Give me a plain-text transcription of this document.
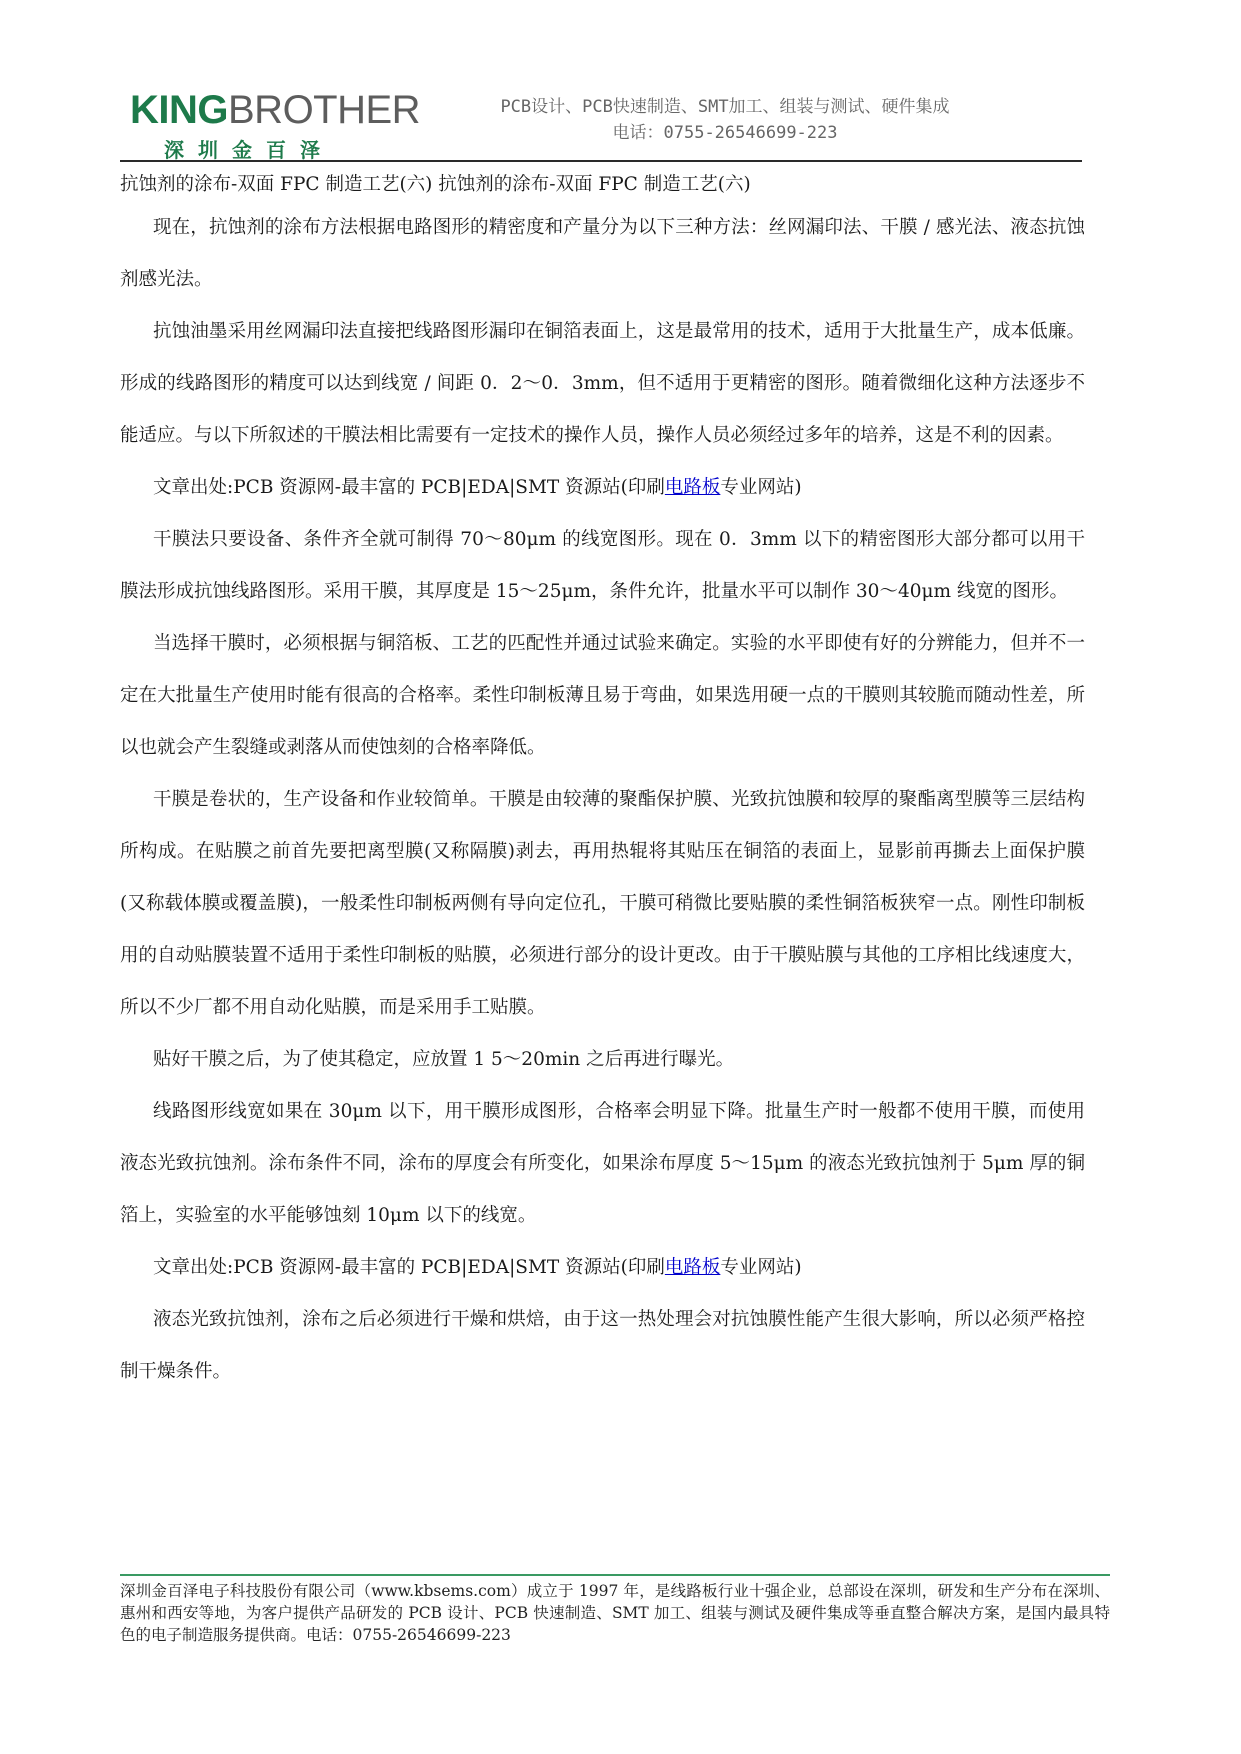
KINGBROTHER
深圳金百泽
PCB设计、PCB快速制造、SMT加工、组装与测试、硬件集成
电话：0755-26546699-223

抗蚀剂的涂布-双面 FPC 制造工艺(六) 抗蚀剂的涂布-双面 FPC 制造工艺(六)

现在，抗蚀剂的涂布方法根据电路图形的精密度和产量分为以下三种方法：丝网漏印法、干膜 / 感光法、液态抗蚀剂感光法。

抗蚀油墨采用丝网漏印法直接把线路图形漏印在铜箔表面上，这是最常用的技术，适用于大批量生产，成本低廉。形成的线路图形的精度可以达到线宽 / 间距 0．2～0．3mm，但不适用于更精密的图形。随着微细化这种方法逐步不能适应。与以下所叙述的干膜法相比需要有一定技术的操作人员，操作人员必须经过多年的培养，这是不利的因素。

文章出处:PCB 资源网-最丰富的 PCB|EDA|SMT 资源站(印刷电路板专业网站)

干膜法只要设备、条件齐全就可制得 70～80μm 的线宽图形。现在 0．3mm 以下的精密图形大部分都可以用干膜法形成抗蚀线路图形。采用干膜，其厚度是 15～25μm，条件允许，批量水平可以制作 30～40μm 线宽的图形。

当选择干膜时，必须根据与铜箔板、工艺的匹配性并通过试验来确定。实验的水平即使有好的分辨能力，但并不一定在大批量生产使用时能有很高的合格率。柔性印制板薄且易于弯曲，如果选用硬一点的干膜则其较脆而随动性差，所以也就会产生裂缝或剥落从而使蚀刻的合格率降低。

干膜是卷状的，生产设备和作业较简单。干膜是由较薄的聚酯保护膜、光致抗蚀膜和较厚的聚酯离型膜等三层结构所构成。在贴膜之前首先要把离型膜(又称隔膜)剥去，再用热辊将其贴压在铜箔的表面上，显影前再撕去上面保护膜(又称载体膜或覆盖膜)，一般柔性印制板两侧有导向定位孔，干膜可稍微比要贴膜的柔性铜箔板狭窄一点。刚性印制板用的自动贴膜装置不适用于柔性印制板的贴膜，必须进行部分的设计更改。由于干膜贴膜与其他的工序相比线速度大，所以不少厂都不用自动化贴膜，而是采用手工贴膜。

贴好干膜之后，为了使其稳定，应放置 1 5～20min 之后再进行曝光。

线路图形线宽如果在 30μm 以下，用干膜形成图形，合格率会明显下降。批量生产时一般都不使用干膜，而使用液态光致抗蚀剂。涂布条件不同，涂布的厚度会有所变化，如果涂布厚度 5～15μm 的液态光致抗蚀剂于 5μm 厚的铜箔上，实验室的水平能够蚀刻 10μm 以下的线宽。

文章出处:PCB 资源网-最丰富的 PCB|EDA|SMT 资源站(印刷电路板专业网站)

液态光致抗蚀剂，涂布之后必须进行干燥和烘焙，由于这一热处理会对抗蚀膜性能产生很大影响，所以必须严格控制干燥条件。

深圳金百泽电子科技股份有限公司（www.kbsems.com）成立于 1997 年，是线路板行业十强企业，总部设在深圳，研发和生产分布在深圳、惠州和西安等地，为客户提供产品研发的 PCB 设计、PCB 快速制造、SMT 加工、组装与测试及硬件集成等垂直整合解决方案，是国内最具特色的电子制造服务提供商。电话：0755-26546699-223
